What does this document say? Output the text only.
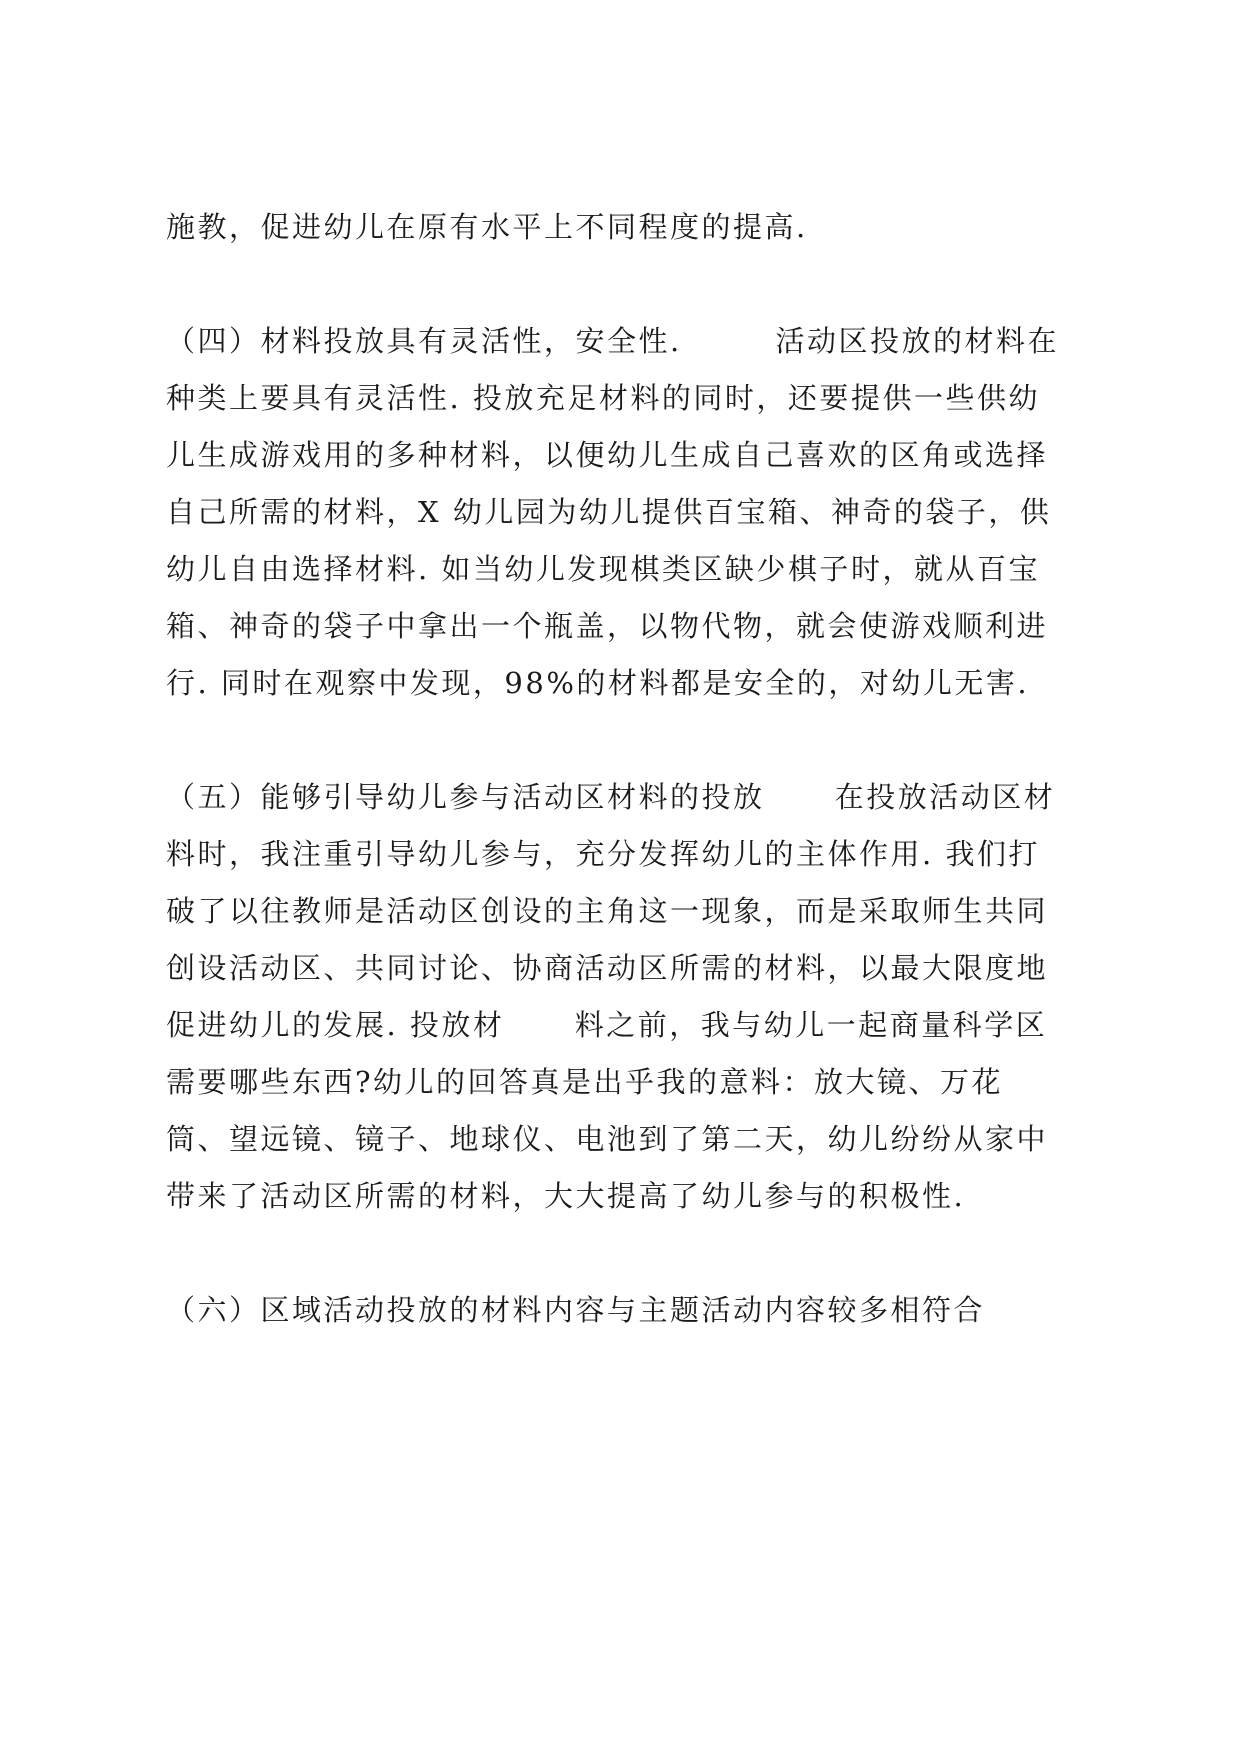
施教，促进幼儿在原有水平上不同程度的提高.
（四）材料投放具有灵活性，安全性.        活动区投放的材料在
种类上要具有灵活性. 投放充足材料的同时，还要提供一些供幼
儿生成游戏用的多种材料，以便幼儿生成自己喜欢的区角或选择
自己所需的材料，X 幼儿园为幼儿提供百宝箱、神奇的袋子，供
幼儿自由选择材料. 如当幼儿发现棋类区缺少棋子时，就从百宝
箱、神奇的袋子中拿出一个瓶盖，以物代物，就会使游戏顺利进
行. 同时在观察中发现，98%的材料都是安全的，对幼儿无害.
（五）能够引导幼儿参与活动区材料的投放      在投放活动区材
料时，我注重引导幼儿参与，充分发挥幼儿的主体作用. 我们打
破了以往教师是活动区创设的主角这一现象，而是采取师生共同
创设活动区、共同讨论、协商活动区所需的材料，以最大限度地
促进幼儿的发展. 投放材      料之前，我与幼儿一起商量科学区
需要哪些东西?幼儿的回答真是出乎我的意料：放大镜、万花
筒、望远镜、镜子、地球仪、电池到了第二天，幼儿纷纷从家中
带来了活动区所需的材料，大大提高了幼儿参与的积极性.
（六）区域活动投放的材料内容与主题活动内容较多相符合
